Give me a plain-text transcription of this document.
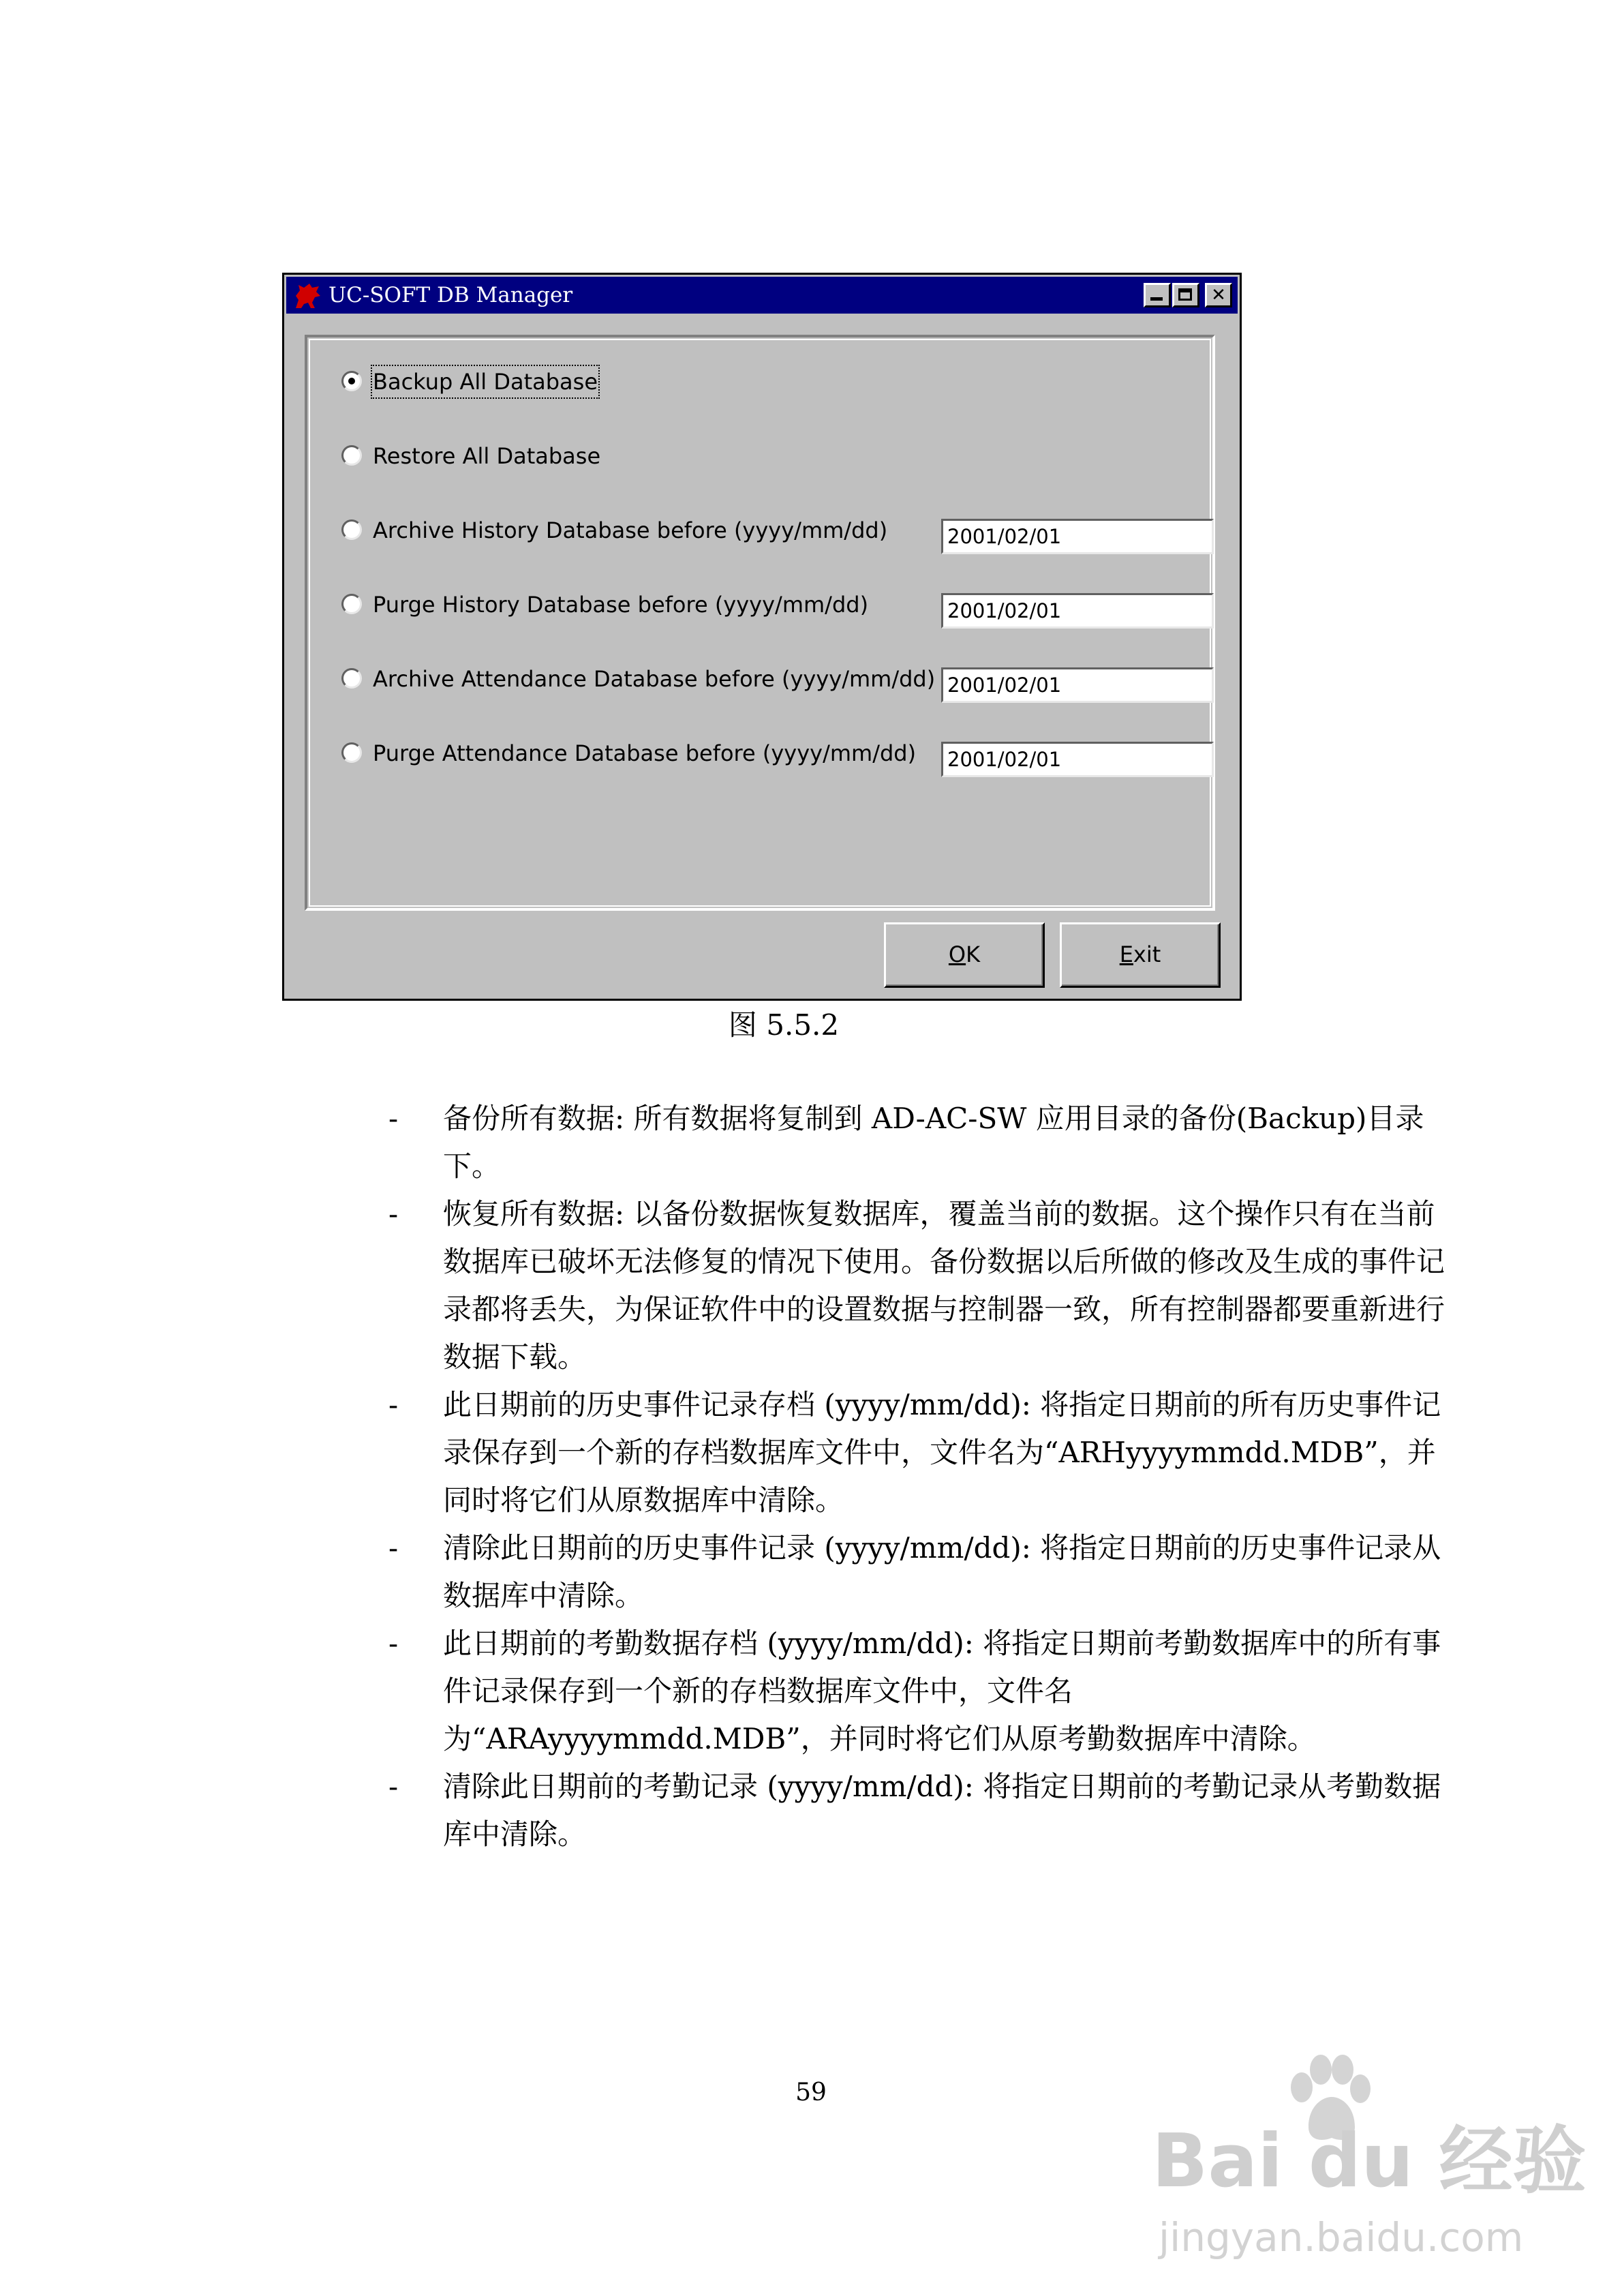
UC-SOFT DB Manager	✕
Backup All Database
Restore All Database
Archive History Database before (yyyy/mm/dd)	2001/02/01
Purge History Database before (yyyy/mm/dd)	2001/02/01
Archive Attendance Database before (yyyy/mm/dd) 2001/02/01
Purge Attendance Database before (yyyy/mm/dd)	2001/02/01
OK	Exit
图 5.5.2
- 备份所有数据: 所有数据将复制到 AD-AC-SW 应用目录的备份(Backup)目录下。
- 恢复所有数据: 以备份数据恢复数据库，覆盖当前的数据。这个操作只有在当前数据库已破坏无法修复的情况下使用。备份数据以后所做的修改及生成的事件记录都将丢失，为保证软件中的设置数据与控制器一致，所有控制器都要重新进行数据下载。
- 此日期前的历史事件记录存档 (yyyy/mm/dd): 将指定日期前的所有历史事件记录保存到一个新的存档数据库文件中，文件名为“ARHyyyymmdd.MDB”，并同时将它们从原数据库中清除。
- 清除此日期前的历史事件记录 (yyyy/mm/dd): 将指定日期前的历史事件记录从数据库中清除。
- 此日期前的考勤数据存档 (yyyy/mm/dd): 将指定日期前考勤数据库中的所有事件记录保存到一个新的存档数据库文件中，文件名为“ARAyyyymmdd.MDB”，并同时将它们从原考勤数据库中清除。
- 清除此日期前的考勤记录 (yyyy/mm/dd): 将指定日期前的考勤记录从考勤数据库中清除。
59
Bai du 经验
jingyan.baidu.com
